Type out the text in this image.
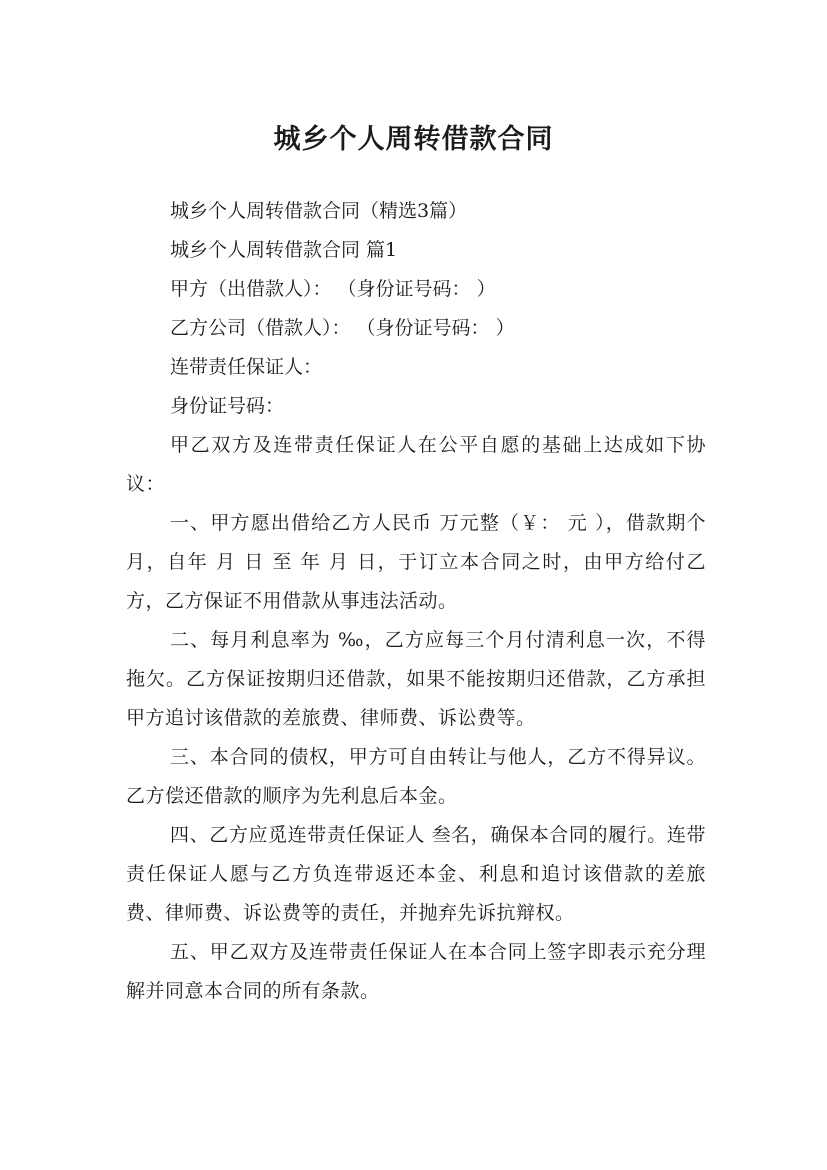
城乡个人周转借款合同

城乡个人周转借款合同（精选3篇）

城乡个人周转借款合同 篇1

甲方（出借款人）： （身份证号码： ）

乙方公司（借款人）： （身份证号码： ）

连带责任保证人：

身份证号码：

甲乙双方及连带责任保证人在公平自愿的基础上达成如下协议：

一、甲方愿出借给乙方人民币 万元整（￥： 元 ），借款期个月，自年 月 日 至 年 月 日，于订立本合同之时，由甲方给付乙方，乙方保证不用借款从事违法活动。

二、每月利息率为 ‰，乙方应每三个月付清利息一次，不得拖欠。乙方保证按期归还借款，如果不能按期归还借款，乙方承担甲方追讨该借款的差旅费、律师费、诉讼费等。

三、本合同的债权，甲方可自由转让与他人，乙方不得异议。乙方偿还借款的顺序为先利息后本金。

四、乙方应觅连带责任保证人 叁名，确保本合同的履行。连带责任保证人愿与乙方负连带返还本金、利息和追讨该借款的差旅费、律师费、诉讼费等的责任，并抛弃先诉抗辩权。

五、甲乙双方及连带责任保证人在本合同上签字即表示充分理解并同意本合同的所有条款。
